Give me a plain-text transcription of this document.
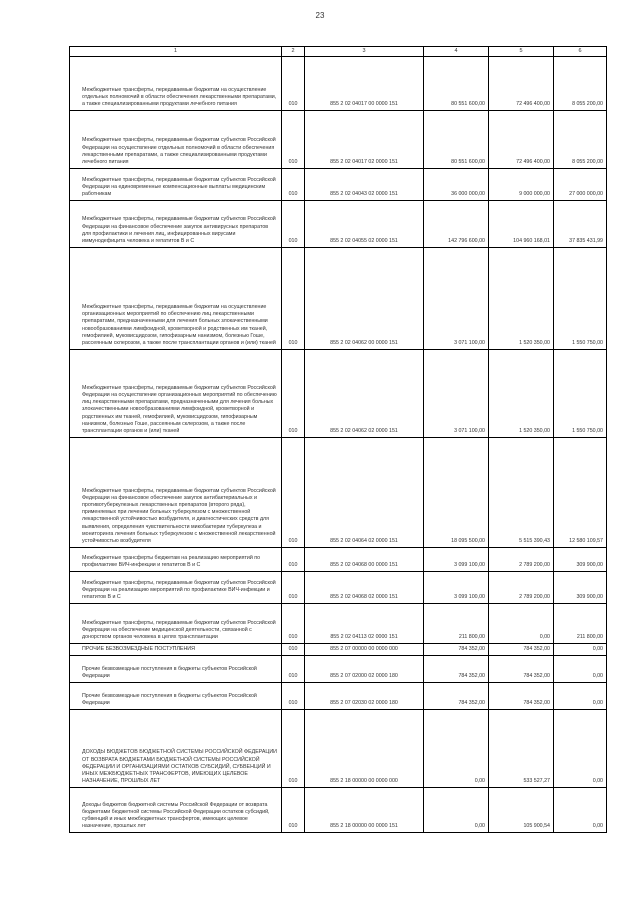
23
1	2	3	4	5	6
Межбюджетные трансферты, передаваемые бюджетам на осуществление отдельных полномочий в области обеспечения лекарственными препаратами, а также специализированными продуктами лечебного питания	010	855 2 02 04017 00 0000 151	80 551 600,00	72 496 400,00	8 055 200,00
Межбюджетные трансферты, передаваемые бюджетам субъектов Российской Федерации на осуществление отдельных полномочий в области обеспечения лекарственными препаратами, а также специализированными продуктами лечебного питания	010	855 2 02 04017 02 0000 151	80 551 600,00	72 496 400,00	8 055 200,00
Межбюджетные трансферты, передаваемые бюджетам субъектов Российской Федерации на единовременные компенсационные выплаты медицинским работникам	010	855 2 02 04043 02 0000 151	36 000 000,00	9 000 000,00	27 000 000,00
Межбюджетные трансферты, передаваемые бюджетам субъектов Российской Федерации на финансовое обеспечение закупок антивирусных препаратов для профилактики и лечения лиц, инфицированных вирусами иммунодефицита человека и гепатитов B и C	010	855 2 02 04055 02 0000 151	142 796 600,00	104 960 168,01	37 835 431,99
Межбюджетные трансферты, передаваемые бюджетам на осуществление организационных мероприятий по обеспечению лиц лекарственными препаратами, предназначенными для лечения больных злокачественными новообразованиями лимфоидной, кроветворной и родственных им тканей, гемофилией, муковисцидозом, гипофизарным нанизмом, болезнью Гоше, рассеянным склерозом, а также после трансплантации органов и (или) тканей	010	855 2 02 04062 00 0000 151	3 071 100,00	1 520 350,00	1 550 750,00
Межбюджетные трансферты, передаваемые бюджетам субъектов Российской Федерации на осуществление организационных мероприятий по обеспечению лиц лекарственными препаратами, предназначенными для лечения больных злокачественными новообразованиями лимфоидной, кроветворной и родственных им тканей, гемофилией, муковисцидозом, гипофизарным нанизмом, болезнью Гоше, рассеянным склерозом, а также после трансплантации органов и (или) тканей	010	855 2 02 04062 02 0000 151	3 071 100,00	1 520 350,00	1 550 750,00
Межбюджетные трансферты, передаваемые бюджетам субъектов Российской Федерации на финансовое обеспечение закупок антибактериальных и противотуберкулезных лекарственных препаратов (второго ряда), применяемых при лечении больных туберкулезом с множественной лекарственной устойчивостью возбудителя, и диагностических средств для выявления, определения чувствительности микобактерии туберкулеза и мониторинга лечения больных туберкулезом с множественной лекарственной устойчивостью возбудителя	010	855 2 02 04064 02 0000 151	18 095 500,00	5 515 390,43	12 580 109,57
Межбюджетные трансферты бюджетам на реализацию мероприятий по профилактике ВИЧ-инфекции и гепатитов B и C	010	855 2 02 04068 00 0000 151	3 099 100,00	2 789 200,00	309 900,00
Межбюджетные трансферты, передаваемые бюджетам субъектов Российской Федерации на реализацию мероприятий по профилактике ВИЧ-инфекции и гепатитов B и C	010	855 2 02 04068 02 0000 151	3 099 100,00	2 789 200,00	309 900,00
Межбюджетные трансферты, передаваемые бюджетам субъектов Российской Федерации на обеспечение медицинской деятельности, связанной с донорством органов человека в целях трансплантации	010	855 2 02 04113 02 0000 151	211 800,00	0,00	211 800,00
ПРОЧИЕ БЕЗВОЗМЕЗДНЫЕ ПОСТУПЛЕНИЯ	010	855 2 07 00000 00 0000 000	784 352,00	784 352,00	0,00
Прочие безвозмездные поступления в бюджеты субъектов Российской Федерации	010	855 2 07 02000 02 0000 180	784 352,00	784 352,00	0,00
Прочие безвозмездные поступления в бюджеты субъектов Российской Федерации	010	855 2 07 02030 02 0000 180	784 352,00	784 352,00	0,00
ДОХОДЫ БЮДЖЕТОВ БЮДЖЕТНОЙ СИСТЕМЫ РОССИЙСКОЙ ФЕДЕРАЦИИ ОТ ВОЗВРАТА БЮДЖЕТАМИ БЮДЖЕТНОЙ СИСТЕМЫ РОССИЙСКОЙ ФЕДЕРАЦИИ И ОРГАНИЗАЦИЯМИ ОСТАТКОВ СУБСИДИЙ, СУБВЕНЦИЙ И ИНЫХ МЕЖБЮДЖЕТНЫХ ТРАНСФЕРТОВ, ИМЕЮЩИХ ЦЕЛЕВОЕ НАЗНАЧЕНИЕ, ПРОШЛЫХ ЛЕТ	010	855 2 18 00000 00 0000 000	0,00	533 527,27	0,00
Доходы бюджетов бюджетной системы Российской Федерации от возврата бюджетами бюджетной системы Российской Федерации остатков субсидий, субвенций и иных межбюджетных трансфертов, имеющих целевое назначение, прошлых лет	010	855 2 18 00000 00 0000 151	0,00	105 900,54	0,00
